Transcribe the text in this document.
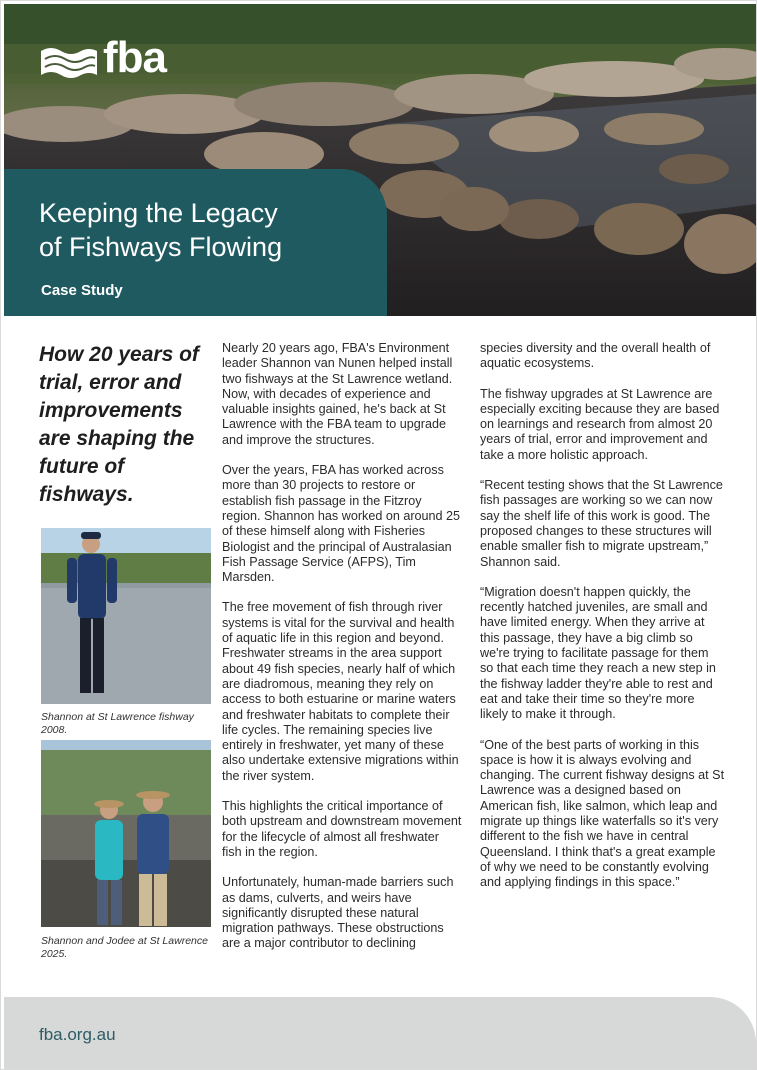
fba
Keeping the Legacy
of Fishways Flowing
Case Study
How 20 years of trial, error and improvements are shaping the future of fishways.
Shannon at St Lawrence fishway 2008.
Shannon and Jodee at St Lawrence 2025.

Nearly 20 years ago, FBA's Environment leader Shannon van Nunen helped install two fishways at the St Lawrence wetland. Now, with decades of experience and valuable insights gained, he's back at St Lawrence with the FBA team to upgrade and improve the structures.

Over the years, FBA has worked across more than 30 projects to restore or establish fish passage in the Fitzroy region. Shannon has worked on around 25 of these himself along with Fisheries Biologist and the principal of Australasian Fish Passage Service (AFPS), Tim Marsden.

The free movement of fish through river systems is vital for the survival and health of aquatic life in this region and beyond. Freshwater streams in the area support about 49 fish species, nearly half of which are diadromous, meaning they rely on access to both estuarine or marine waters and freshwater habitats to complete their life cycles. The remaining species live entirely in freshwater, yet many of these also undertake extensive migrations within the river system.

This highlights the critical importance of both upstream and downstream movement for the lifecycle of almost all freshwater fish in the region.

Unfortunately, human-made barriers such as dams, culverts, and weirs have significantly disrupted these natural migration pathways. These obstructions are a major contributor to declining

species diversity and the overall health of aquatic ecosystems.

The fishway upgrades at St Lawrence are especially exciting because they are based on learnings and research from almost 20 years of trial, error and improvement and take a more holistic approach.

“Recent testing shows that the St Lawrence fish passages are working so we can now say the shelf life of this work is good. The proposed changes to these structures will enable smaller fish to migrate upstream,” Shannon said.

“Migration doesn't happen quickly, the recently hatched juveniles, are small and have limited energy. When they arrive at this passage, they have a big climb so we're trying to facilitate passage for them so that each time they reach a new step in the fishway ladder they're able to rest and eat and take their time so they're more likely to make it through.

“One of the best parts of working in this space is how it is always evolving and changing. The current fishway designs at St Lawrence was a designed based on American fish, like salmon, which leap and migrate up things like waterfalls so it's very different to the fish we have in central Queensland. I think that's a great example of why we need to be constantly evolving and applying findings in this space.”

fba.org.au
